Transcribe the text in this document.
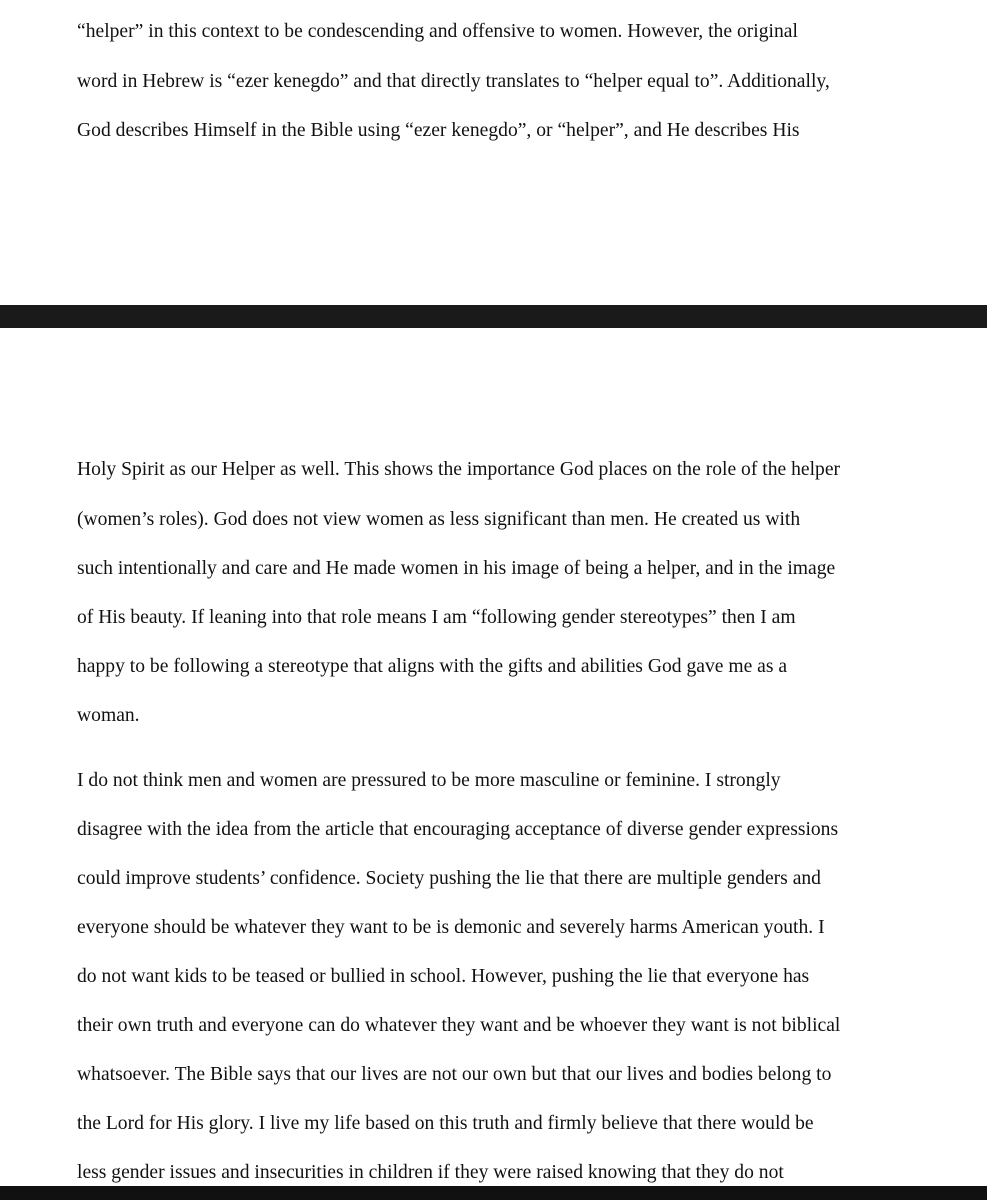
“helper” in this context to be condescending and offensive to women. However, the original

word in Hebrew is “ezer kenegdo” and that directly translates to “helper equal to”. Additionally,

God describes Himself in the Bible using “ezer kenegdo”, or “helper”, and He describes His

Holy Spirit as our Helper as well. This shows the importance God places on the role of the helper

(women’s roles). God does not view women as less significant than men. He created us with

such intentionally and care and He made women in his image of being a helper, and in the image

of His beauty. If leaning into that role means I am “following gender stereotypes” then I am

happy to be following a stereotype that aligns with the gifts and abilities God gave me as a

woman.

I do not think men and women are pressured to be more masculine or feminine. I strongly

disagree with the idea from the article that encouraging acceptance of diverse gender expressions

could improve students’ confidence. Society pushing the lie that there are multiple genders and

everyone should be whatever they want to be is demonic and severely harms American youth. I

do not want kids to be teased or bullied in school. However, pushing the lie that everyone has

their own truth and everyone can do whatever they want and be whoever they want is not biblical

whatsoever. The Bible says that our lives are not our own but that our lives and bodies belong to

the Lord for His glory. I live my life based on this truth and firmly believe that there would be

less gender issues and insecurities in children if they were raised knowing that they do not
